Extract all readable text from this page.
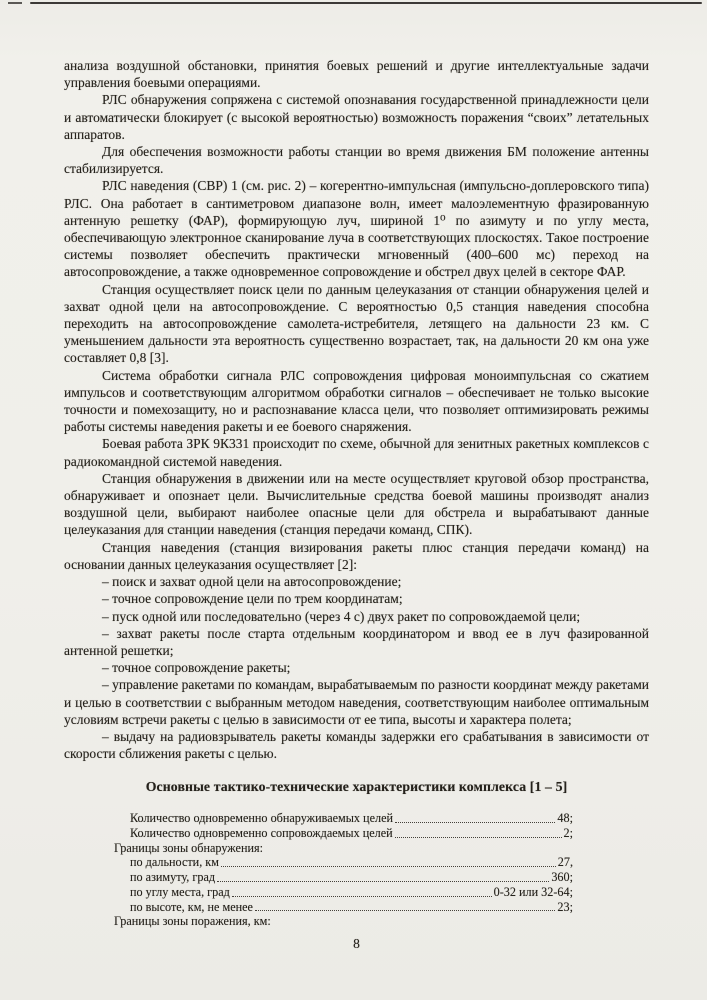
анализа воздушной обстановки, принятия боевых решений и другие интеллектуальные задачи управления боевыми операциями.

РЛС обнаружения сопряжена с системой опознавания государственной принадлежности цели и автоматически блокирует (с высокой вероятностью) возможность поражения “своих” летательных аппаратов.

Для обеспечения возможности работы станции во время движения БМ положение антенны стабилизируется.

РЛС наведения (СВР) 1 (см. рис. 2) – когерентно-импульсная (импульсно-доплеровского типа) РЛС. Она работает в сантиметровом диапазоне волн, имеет малоэлементную фразированную антенную решетку (ФАР), формирующую луч, шириной 1⁰ по азимуту и по углу места, обеспечивающую электронное сканирование луча в соответствующих плоскостях. Такое построение системы позволяет обеспечить практически мгновенный (400–600 мс) переход на автосопровождение, а также одновременное сопровождение и обстрел двух целей в секторе ФАР.

Станция осуществляет поиск цели по данным целеуказания от станции обнаружения целей и захват одной цели на автосопровождение. С вероятностью 0,5 станция наведения способна переходить на автосопровождение самолета-истребителя, летящего на дальности 23 км. С уменьшением дальности эта вероятность существенно возрастает, так, на дальности 20 км она уже составляет 0,8 [3].

Система обработки сигнала РЛС сопровождения цифровая моноимпульсная со сжатием импульсов и соответствующим алгоритмом обработки сигналов – обеспечивает не только высокие точности и помехозащиту, но и распознавание класса цели, что позволяет оптимизировать режимы работы системы наведения ракеты и ее боевого снаряжения.

Боевая работа ЗРК 9К331 происходит по схеме, обычной для зенитных ракетных комплексов с радиокомандной системой наведения.

Станция обнаружения в движении или на месте осуществляет круговой обзор пространства, обнаруживает и опознает цели. Вычислительные средства боевой машины производят анализ воздушной цели, выбирают наиболее опасные цели для обстрела и вырабатывают данные целеуказания для станции наведения (станция передачи команд, СПК).

Станция наведения (станция визирования ракеты плюс станция передачи команд) на основании данных целеуказания осуществляет [2]:

– поиск и захват одной цели на автосопровождение;

– точное сопровождение цели по трем координатам;

– пуск одной или последовательно (через 4 с) двух ракет по сопровождаемой цели;

– захват ракеты после старта отдельным координатором и ввод ее в луч фазированной антенной решетки;

– точное сопровождение ракеты;

– управление ракетами по командам, вырабатываемым по разности координат между ракетами и целью в соответствии с выбранным методом наведения, соответствующим наиболее оптимальным условиям встречи ракеты с целью в зависимости от ее типа, высоты и характера полета;

– выдачу на радиовзрыватель ракеты команды задержки его срабатывания в зависимости от скорости сближения ракеты с целью.

Основные тактико-технические характеристики комплекса [1 – 5]
Количество одновременно обнаруживаемых целей	48;
Количество одновременно сопровождаемых целей	2;
Границы зоны обнаружения:
по дальности, км	27,
по азимуту, град	360;
по углу места, град	0-32 или 32-64;
по высоте, км, не менее	23;
Границы зоны поражения, км:
8
